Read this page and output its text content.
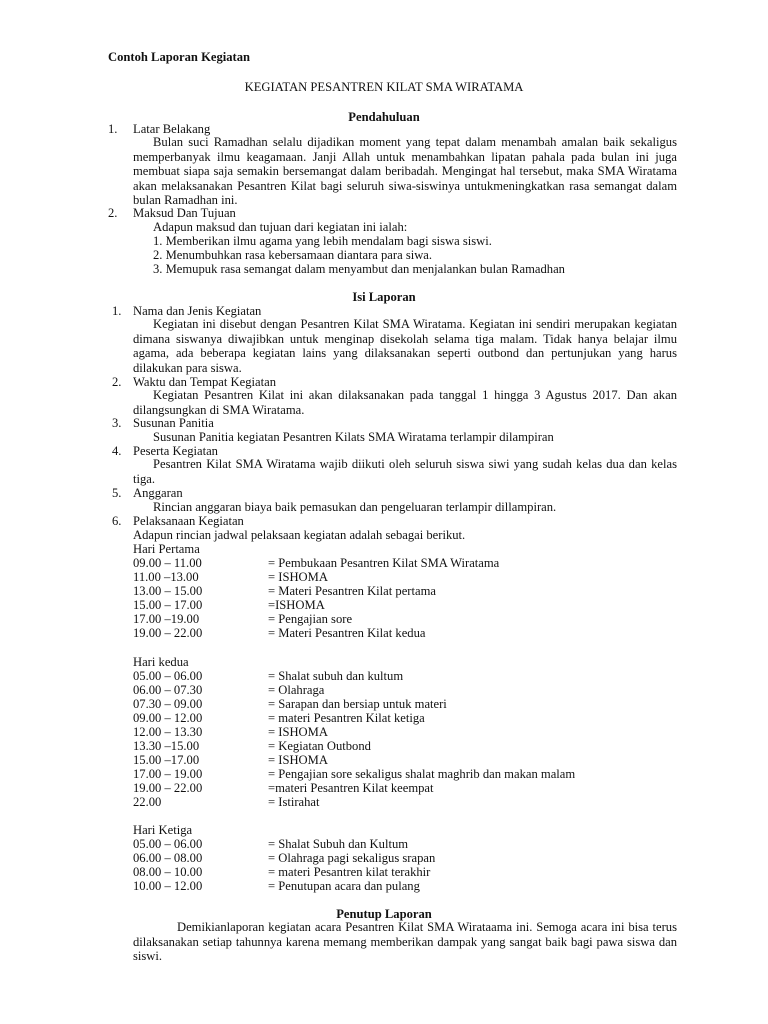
Contoh Laporan Kegiatan
KEGIATAN PESANTREN KILAT SMA WIRATAMA
Pendahuluan
1. Latar Belakang
Bulan suci Ramadhan selalu dijadikan moment yang tepat dalam menambah amalan baik sekaligus memperbanyak ilmu keagamaan. Janji Allah untuk menambahkan lipatan pahala pada bulan ini juga membuat siapa saja semakin bersemangat dalam beribadah. Mengingat hal tersebut, maka SMA Wiratama akan melaksanakan Pesantren Kilat bagi seluruh siwa-siswinya untukmeningkatkan rasa semangat dalam bulan Ramadhan ini.
2. Maksud Dan Tujuan
Adapun maksud dan tujuan dari kegiatan ini ialah:
1. Memberikan ilmu agama yang lebih mendalam bagi siswa siswi.
2. Menumbuhkan rasa kebersamaan diantara para siwa.
3. Memupuk rasa semangat dalam menyambut dan menjalankan bulan Ramadhan
Isi Laporan
1. Nama dan Jenis Kegiatan
Kegiatan ini disebut dengan Pesantren Kilat SMA Wiratama. Kegiatan ini sendiri merupakan kegiatan dimana siswanya diwajibkan untuk menginap disekolah selama tiga malam. Tidak hanya belajar ilmu agama, ada beberapa kegiatan lains yang dilaksanakan seperti outbond dan pertunjukan yang harus dilakukan para siswa.
2. Waktu dan Tempat Kegiatan
Kegiatan Pesantren Kilat ini akan dilaksanakan pada tanggal 1 hingga 3 Agustus 2017. Dan akan dilangsungkan di SMA Wiratama.
3. Susunan Panitia
Susunan Panitia kegiatan Pesantren Kilats SMA Wiratama terlampir dilampiran
4. Peserta Kegiatan
Pesantren Kilat SMA Wiratama wajib diikuti oleh seluruh siswa siwi yang sudah kelas dua dan kelas tiga.
5. Anggaran
Rincian anggaran biaya baik pemasukan dan pengeluaran terlampir dillampiran.
6. Pelaksanaan Kegiatan
Adapun rincian jadwal pelaksaan kegiatan adalah sebagai berikut.
Hari Pertama
09.00 – 11.00	= Pembukaan Pesantren Kilat SMA Wiratama
11.00 –13.00	= ISHOMA
13.00 – 15.00	= Materi Pesantren Kilat pertama
15.00 – 17.00	=ISHOMA
17.00 –19.00	= Pengajian sore
19.00 – 22.00	= Materi Pesantren Kilat kedua
Hari kedua
05.00 – 06.00	= Shalat subuh dan kultum
06.00 – 07.30	= Olahraga
07.30 – 09.00	= Sarapan dan bersiap untuk materi
09.00 – 12.00	= materi Pesantren Kilat ketiga
12.00 – 13.30	= ISHOMA
13.30 –15.00	= Kegiatan Outbond
15.00 –17.00	= ISHOMA
17.00 – 19.00	= Pengajian sore sekaligus shalat maghrib dan makan malam
19.00 – 22.00	=materi Pesantren Kilat keempat
22.00	= Istirahat
Hari Ketiga
05.00 – 06.00	= Shalat Subuh dan Kultum
06.00 – 08.00	= Olahraga pagi sekaligus srapan
08.00 – 10.00	= materi Pesantren kilat terakhir
10.00 – 12.00	= Penutupan acara dan pulang
Penutup Laporan
Demikianlaporan kegiatan acara Pesantren Kilat SMA Wirataama ini. Semoga acara ini bisa terus dilaksanakan setiap tahunnya karena memang memberikan dampak yang sangat baik bagi pawa siswa dan siswi.
